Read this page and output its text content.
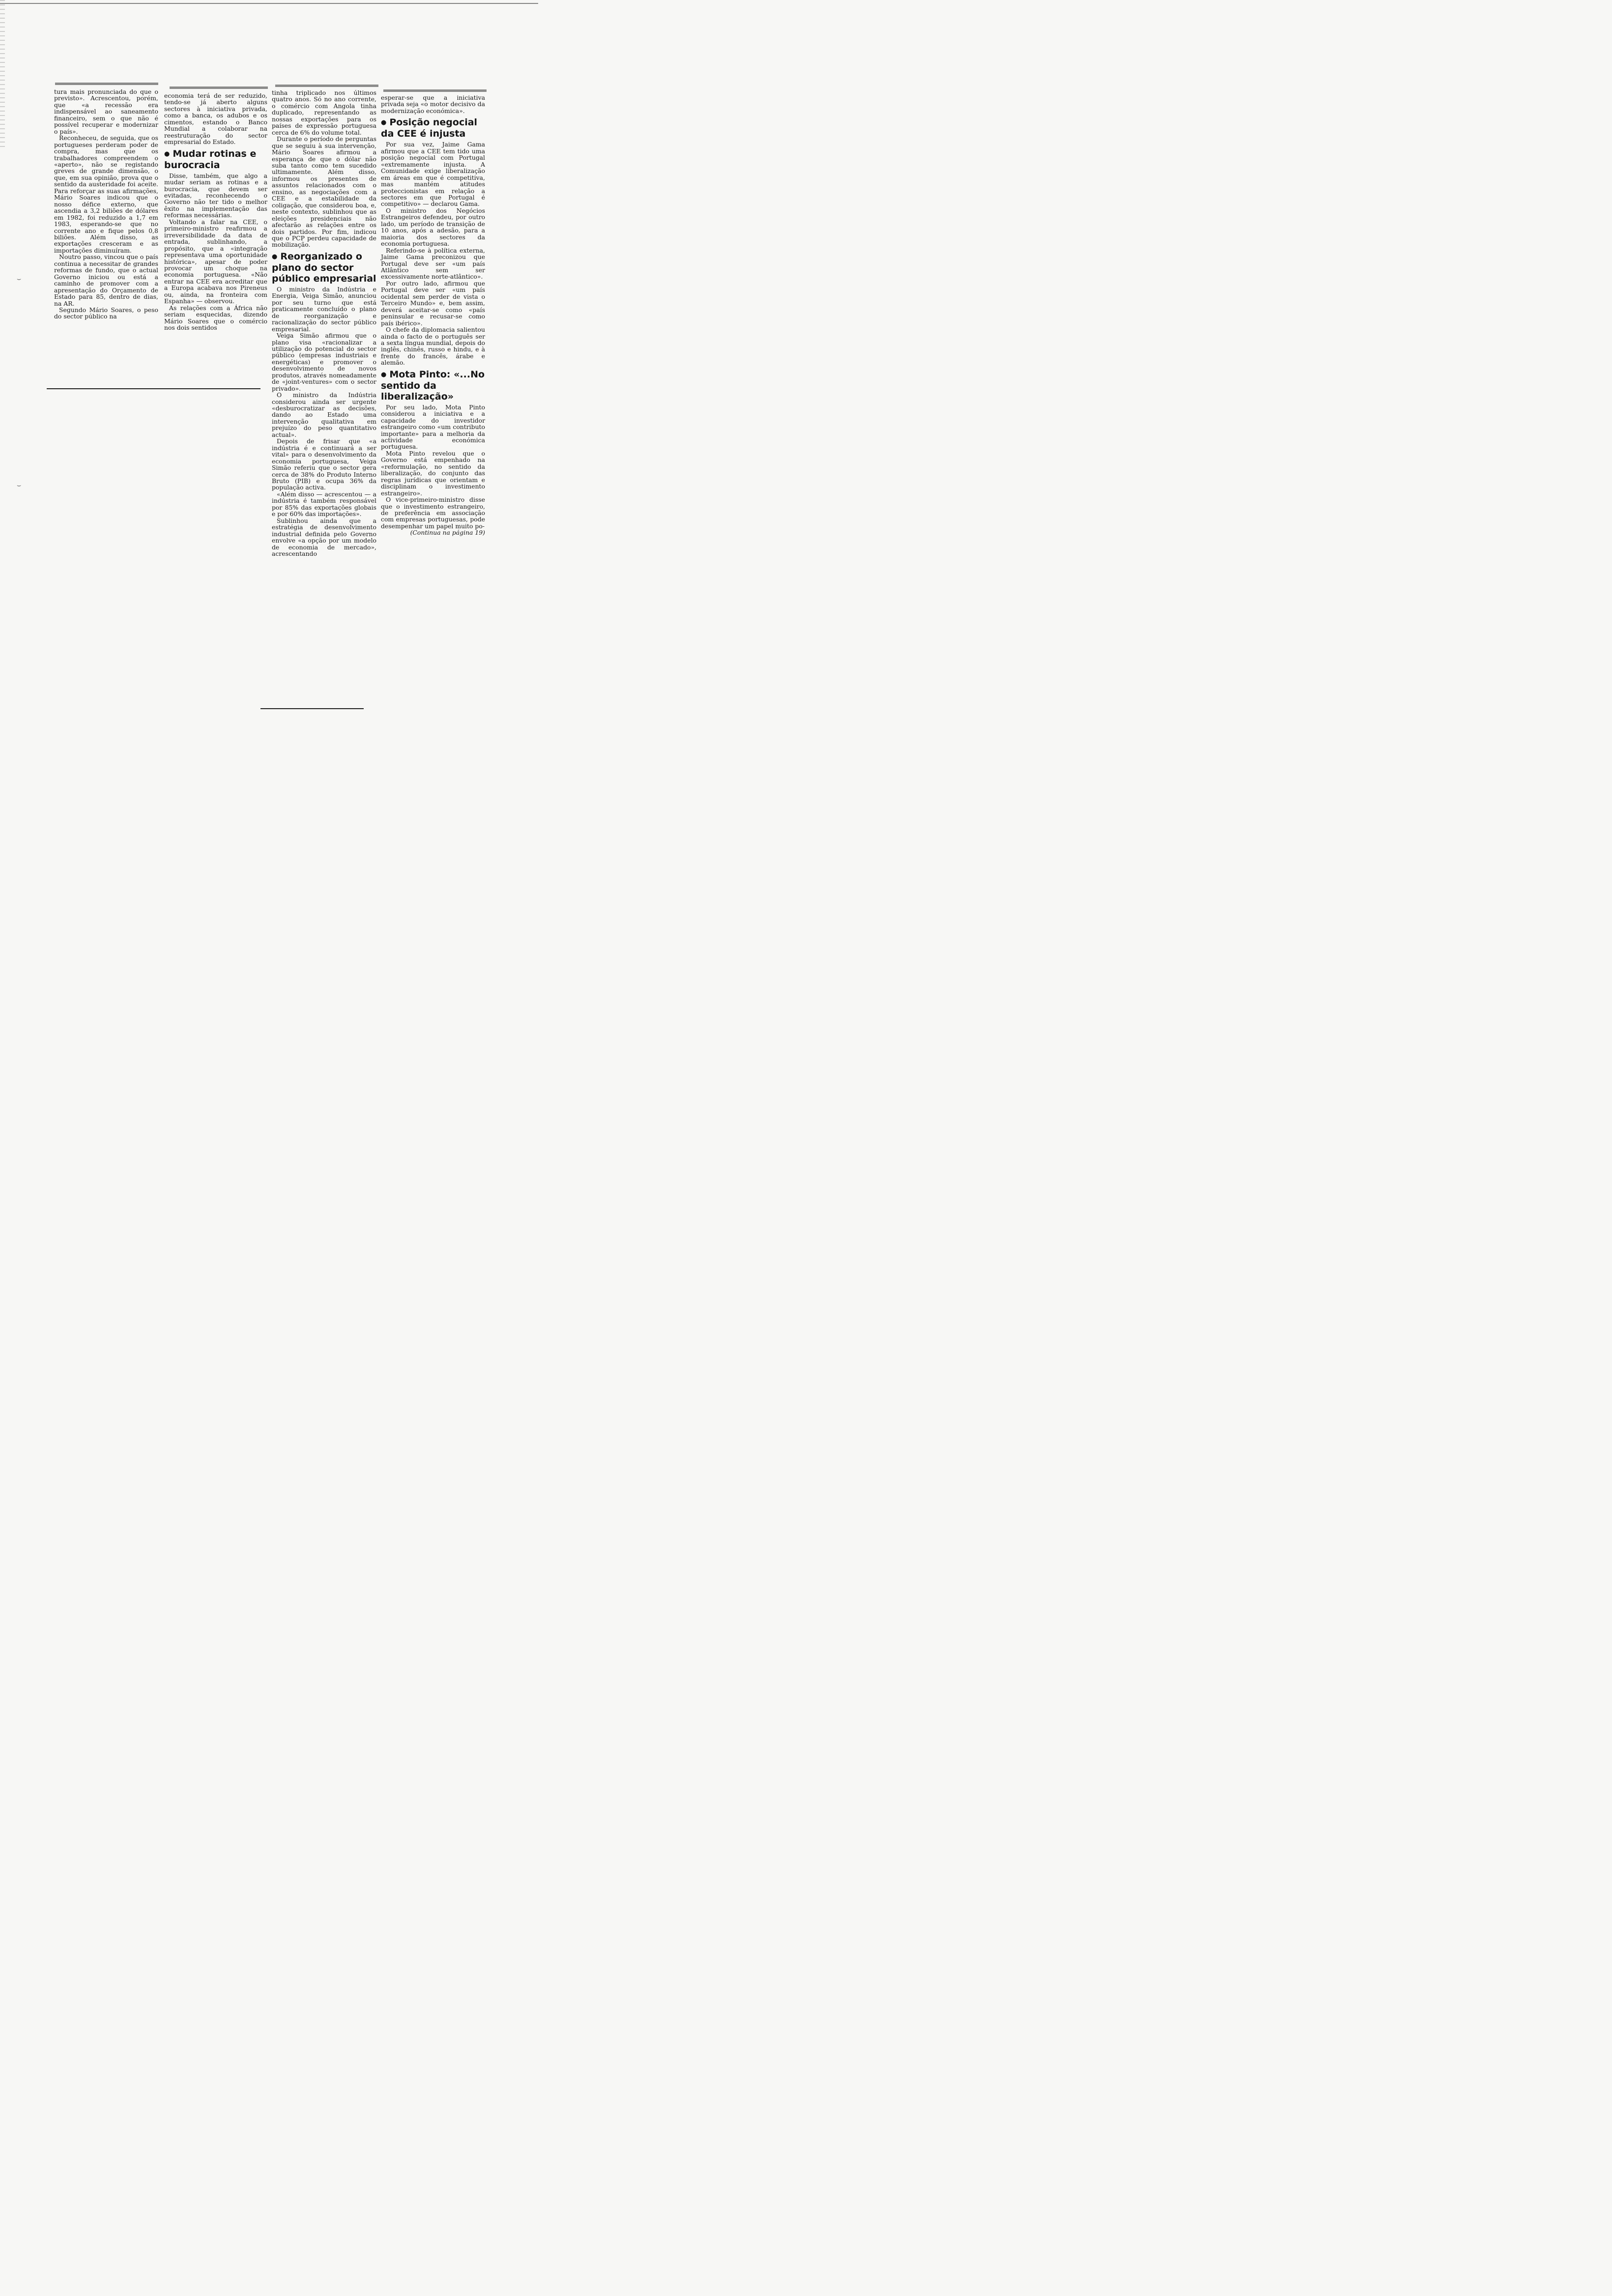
⌣
⌣

tura mais pronunciada do que o previsto». Acrescentou, porém, que «a recessão era indispensável ao saneamento financeiro, sem o que não é possível recuperar e modernizar o país».

Reconheceu, de seguida, que os portugueses perderam poder de compra, mas que os trabalhadores compreendem o «aperto», não se registando greves de grande dimensão, o que, em sua opinião, prova que o sentido da austeridade foi aceite. Para reforçar as suas afirmações, Mário Soares indicou que o nosso défice externo, que ascendia a 3,2 biliões de dólares em 1982, foi reduzido a 1,7 em 1983, esperando-se que no corrente ano e fique pelos 0,8 biliões. Além disso, as exportações cresceram e as importações diminuíram.

Noutro passo, vincou que o país continua a necessitar de grandes reformas de fundo, que o actual Governo iniciou ou está a caminho de promover com a apresentação do Orçamento de Estado para 85, dentro de dias, na AR.

Segundo Mário Soares, o peso do sector público na

economia terá de ser reduzido, tendo-se já aberto alguns sectores à iniciativa privada, como a banca, os adubos e os cimentos, estando o Banco Mundial a colaborar na reestruturação do sector empresarial do Estado.

● Mudar rotinas e burocracia

Disse, também, que algo a mudar seriam as rotinas e a burocracia, que devem ser evitadas, reconhecendo o Governo não ter tido o melhor êxito na implementação das reformas necessárias.

Voltando a falar na CEE, o primeiro-ministro reafirmou a irreversibilidade da data de entrada, sublinhando, a propósito, que a «integração representava uma oportunidade histórica», apesar de poder provocar um choque na economia portuguesa. «Não entrar na CEE era acreditar que a Europa acabava nos Pireneus ou, ainda, na fronteira com Espanha» — observou.

As relações com a África não seriam esquecidas, dizendo Mário Soares que o comércio nos dois sentidos

tinha triplicado nos últimos quatro anos. Só no ano corrente, o comércio com Angola tinha duplicado, representando as nossas exportações para os países de expressão portuguesa cerca de 6% do volume total.

Durante o período de perguntas que se seguiu à sua intervenção, Mário Soares afirmou a esperança de que o dólar não suba tanto como tem sucedido ultimamente. Além disso, informou os presentes de assuntos relacionados com o ensino, as negociações com a CEE e a estabilidade da coligação, que considerou boa, e, neste contexto, sublinhou que as eleições presidenciais não afectarão as relações entre os dois partidos. Por fim, indicou que o PCP perdeu capacidade de mobilização.

● Reorganizado o plano do sector público empresarial

O ministro da Indústria e Energia, Veiga Simão, anunciou por seu turno que está praticamente concluído o plano de reorganização e racionalização do sector público empresarial.

Veiga Simão afirmou que o plano visa «racionalizar a utilização do potencial do sector público (empresas industriais e energéticas) e promover o desenvolvimento de novos produtos, através nomeadamente de «joint-ventures» com o sector privado».

O ministro da Indústria considerou ainda ser urgente «desburocratizar as decisões, dando ao Estado uma intervenção qualitativa em prejuízo do peso quantitativo actual».

Depois de frisar que «a indústria é e continuará a ser vital» para o desenvolvimento da economia portuguesa, Veiga Simão referiu que o sector gera cerca de 38% do Produto Interno Bruto (PIB) e ocupa 36% da população activa.

«Além disso — acrescentou — a indústria é também responsável por 85% das exportações globais e por 60% das importações».

Sublinhou ainda que a estratégia de desenvolvimento industrial definida pelo Governo envolve «a opção por um modelo de economia de mercado», acrescentando

esperar-se que a iniciativa privada seja «o motor decisivo da modernização económica».

● Posição negocial da CEE é injusta

Por sua vez, Jaime Gama afirmou que a CEE tem tido uma posição negocial com Portugal «extremamente injusta. A Comunidade exige liberalização em áreas em que é competitiva, mas mantém atitudes proteccionistas em relação a sectores em que Portugal é competitivo» — declarou Gama.

O ministro dos Negócios Estrangeiros defendeu, por outro lado, um período de transição de 10 anos, após a adesão, para a maioria dos sectores da economia portuguesa.

Referindo-se à política externa, Jaime Gama preconizou que Portugal deve ser «um país Atlântico sem ser excessivamente norte-atlântico».

Por outro lado, afirmou que Portugal deve ser «um país ocidental sem perder de vista o Terceiro Mundo» e, bem assim, deverá aceitar-se como «país peninsular e recusar-se como país ibérico».

O chefe da diplomacia salientou ainda o facto de o português ser a sexta língua mundial, depois do inglês, chinês, russo e hindu, e à frente do francês, árabe e alemão.

● Mota Pinto: «...No sentido da liberalização»

Por seu lado, Mota Pinto considerou a iniciativa e a capacidade do investidor estrangeiro como «um contributo importante» para a melhoria da actividade económica portuguesa.

Mota Pinto revelou que o Governo está empenhado na «reformulação, no sentido da liberalização, do conjunto das regras jurídicas que orientam e disciplinam o investimento estrangeiro».

O vice-primeiro-ministro disse que o investimento estrangeiro, de preferência em associação com empresas portuguesas, pode desempenhar um papel muito po-

(Continua na página 19)
